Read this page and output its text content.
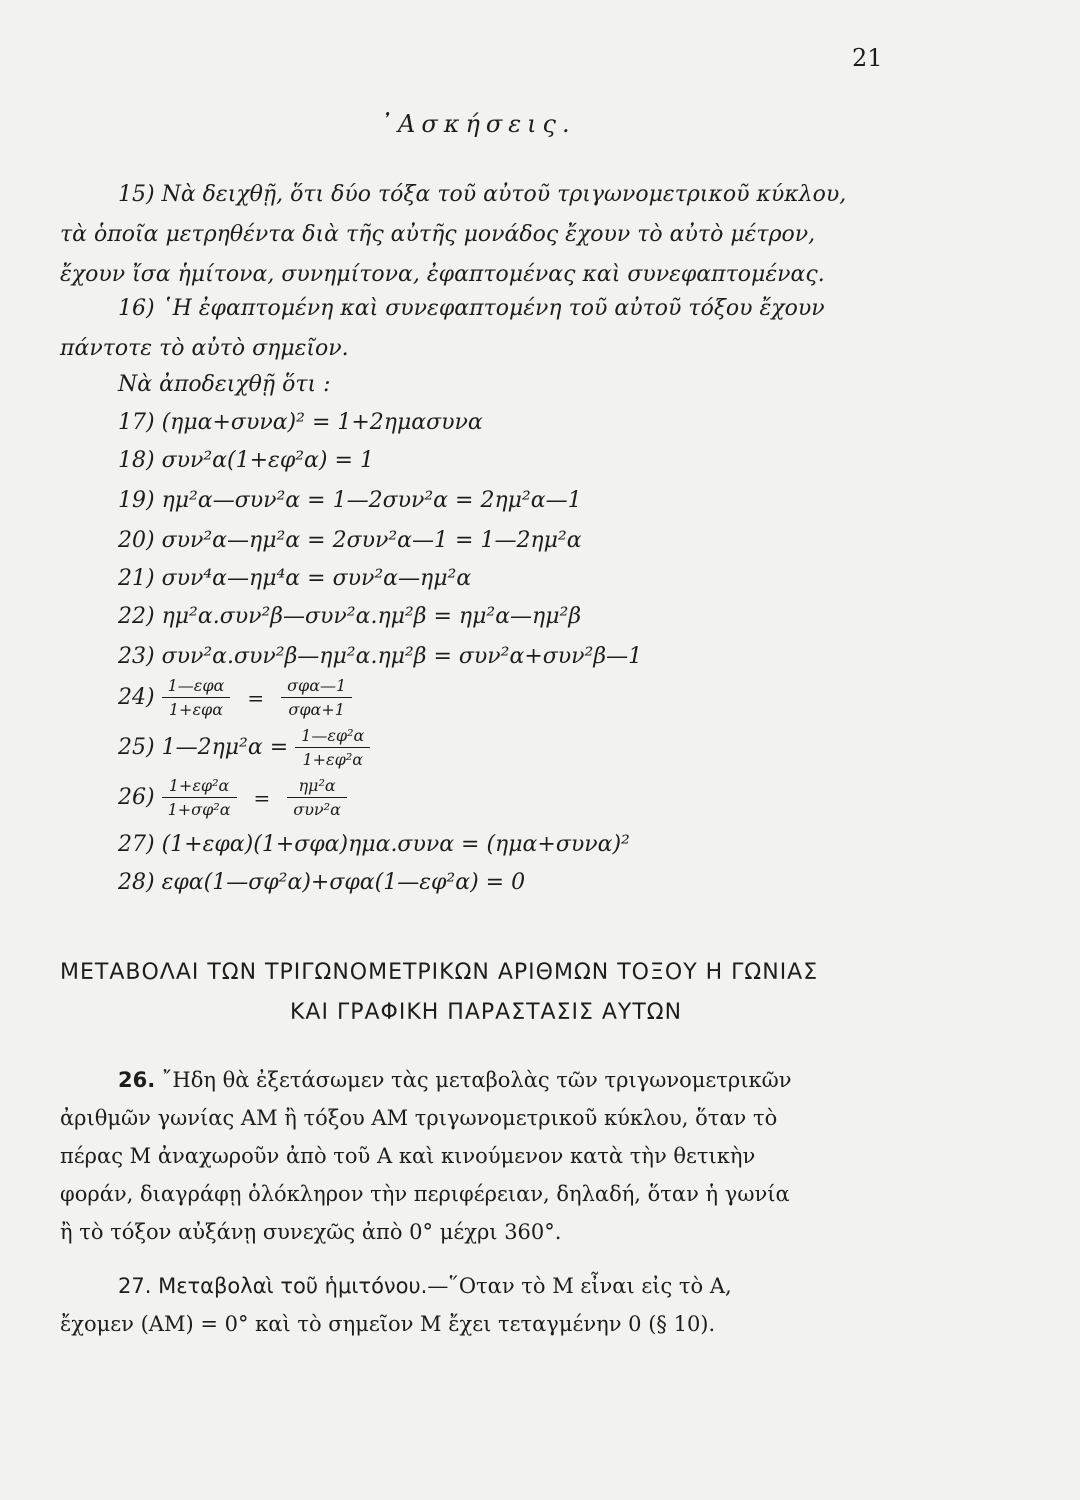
21
᾿Ασκήσεις.
15) Νὰ δειχθῇ, ὅτι δύο τόξα τοῦ αὐτοῦ τριγωνομετρικοῦ κύκλου,
τὰ ὁποῖα μετρηθέντα διὰ τῆς αὐτῆς μονάδος ἔχουν τὸ αὐτὸ μέτρον,
ἔχουν ἴσα ἡμίτονα, συνημίτονα, ἐφαπτομένας καὶ συνεφαπτομένας.
16) ῾Η ἐφαπτομένη καὶ συνεφαπτομένη τοῦ αὐτοῦ τόξου ἔχουν
πάντοτε τὸ αὐτὸ σημεῖον.
Νὰ ἀποδειχθῇ ὅτι :
17) (ημα+συνα)² = 1+2ημασυνα
18) συν²α(1+εφ²α) = 1
19) ημ²α—συν²α = 1—2συν²α = 2ημ²α—1
20) συν²α—ημ²α = 2συν²α—1 = 1—2ημ²α
21) συν⁴α—ημ⁴α = συν²α—ημ²α
22) ημ²α.συν²β—συν²α.ημ²β = ημ²α—ημ²β
23) συν²α.συν²β—ημ²α.ημ²β = συν²α+συν²β—1
$24) \frac{\text{1—εφα}}{\text{1+εφα}} = \frac{\text{σφα—1}}{\text{σφα+1}}$
25) 1—2ημ²α = $\frac{\text{1—εφ²α}}{\text{1+εφ²α}}$
$26) \frac{\text{1+εφ²α}}{\text{1+σφ²α}} = \frac{\text{ημ²α}}{\text{συν²α}}$
27) (1+εφα)(1+σφα)ημα.συνα = (ημα+συνα)²
28) εφα(1—σφ²α)+σφα(1—εφ²α) = 0
ΜΕΤΑΒΟΛΑΙ ΤΩΝ ΤΡΙΓΩΝΟΜΕΤΡΙΚΩΝ ΑΡΙΘΜΩΝ ΤΟΞΟΥ Η ΓΩΝΙΑΣ
ΚΑΙ ΓΡΑΦΙΚΗ ΠΑΡΑΣΤΑΣΙΣ ΑΥΤΩΝ
26. ῎Ηδη θὰ ἐξετάσωμεν τὰς μεταβολὰς τῶν τριγωνομετρικῶν
ἀριθμῶν γωνίας ΑΜ ἢ τόξου ΑΜ τριγωνομετρικοῦ κύκλου, ὅταν τὸ
πέρας Μ ἀναχωροῦν ἀπὸ τοῦ Α καὶ κινούμενον κατὰ τὴν θετικὴν
φοράν, διαγράφῃ ὁλόκληρον τὴν περιφέρειαν, δηλαδή, ὅταν ἡ γωνία
ἢ τὸ τόξον αὐξάνῃ συνεχῶς ἀπὸ 0° μέχρι 360°.
27. Μεταβολαὶ τοῦ ἡμιτόνου.—῞Οταν τὸ Μ εἶναι εἰς τὸ Α,
ἔχομεν (ΑΜ) = 0° καὶ τὸ σημεῖον Μ ἔχει τεταγμένην 0 (§ 10).
